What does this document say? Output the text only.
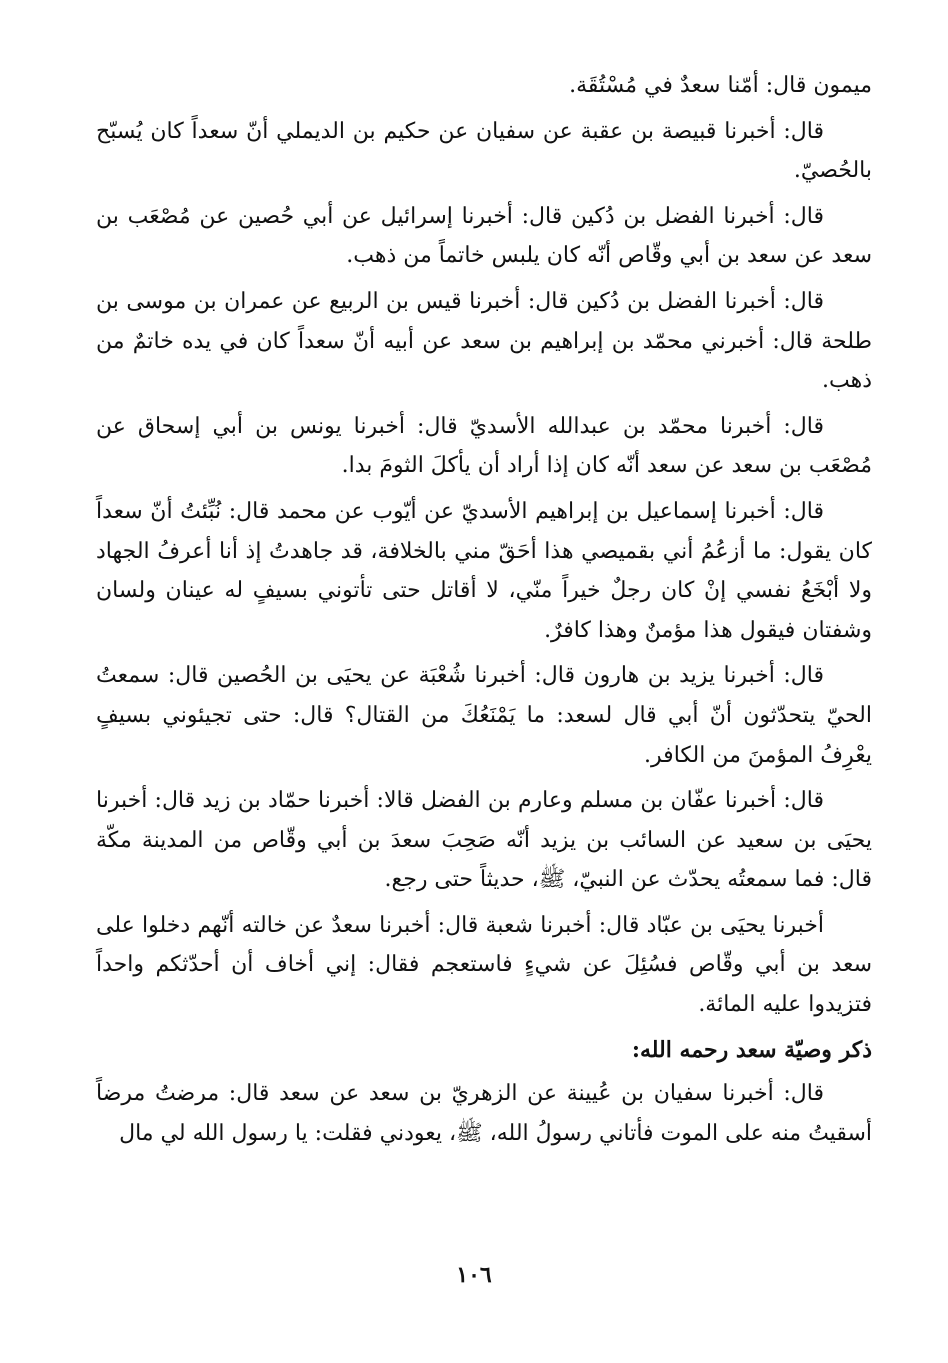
ميمون قال: أمّنا سعدٌ في مُسْتُقَة.

قال: أخبرنا قبيصة بن عقبة عن سفيان عن حكيم بن الديملي أنّ سعداً كان يُسبّح بالحُصيّ.

قال: أخبرنا الفضل بن دُكين قال: أخبرنا إسرائيل عن أبي حُصين عن مُصْعَب بن سعد عن سعد بن أبي وقّاص أنّه كان يلبس خاتماً من ذهب.

قال: أخبرنا الفضل بن دُكين قال: أخبرنا قيس بن الربيع عن عمران بن موسى بن طلحة قال: أخبرني محمّد بن إبراهيم بن سعد عن أبيه أنّ سعداً كان في يده خاتمٌ من ذهب.

قال: أخبرنا محمّد بن عبدالله الأسديّ قال: أخبرنا يونس بن أبي إسحاق عن مُصْعَب بن سعد عن سعد أنّه كان إذا أراد أن يأكلَ الثومَ بدا.

قال: أخبرنا إسماعيل بن إبراهيم الأسديّ عن أيّوب عن محمد قال: نُبِّئتُ أنّ سعداً كان يقول: ما أزعُمُ أني بقميصي هذا أحَقّ مني بالخلافة، قد جاهدتُ إذ أنا أعرفُ الجهاد ولا أبْخَعُ نفسي إنْ كان رجلٌ خيراً منّي، لا أقاتل حتى تأتوني بسيفٍ له عينان ولسان وشفتان فيقول هذا مؤمنٌ وهذا كافرٌ.

قال: أخبرنا يزيد بن هارون قال: أخبرنا شُعْبَة عن يحيَى بن الحُصين قال: سمعتُ الحيّ يتحدّثون أنّ أبي قال لسعد: ما يَمْنَعُكَ من القتال؟ قال: حتى تجيئوني بسيفٍ يعْرِفُ المؤمنَ من الكافر.

قال: أخبرنا عفّان بن مسلم وعارم بن الفضل قالا: أخبرنا حمّاد بن زيد قال: أخبرنا يحيَى بن سعيد عن السائب بن يزيد أنّه صَحِبَ سعدَ بن أبي وقّاص من المدينة مكّة قال: فما سمعتُه يحدّث عن النبيّ، ﷺ، حديثاً حتى رجع.

أخبرنا يحيَى بن عبّاد قال: أخبرنا شعبة قال: أخبرنا سعدٌ عن خالته أنّهم دخلوا على سعد بن أبي وقّاص فسُئِلَ عن شيءٍ فاستعجم فقال: إني أخاف أن أحدّثكم واحداً فتزيدوا عليه المائة.

ذكر وصيّة سعد رحمه الله:

قال: أخبرنا سفيان بن عُيينة عن الزهريّ بن سعد عن سعد قال: مرضتُ مرضاً أسقيتُ منه على الموت فأتاني رسولُ الله، ﷺ، يعودني فقلت: يا رسول الله لي مال

١٠٦
